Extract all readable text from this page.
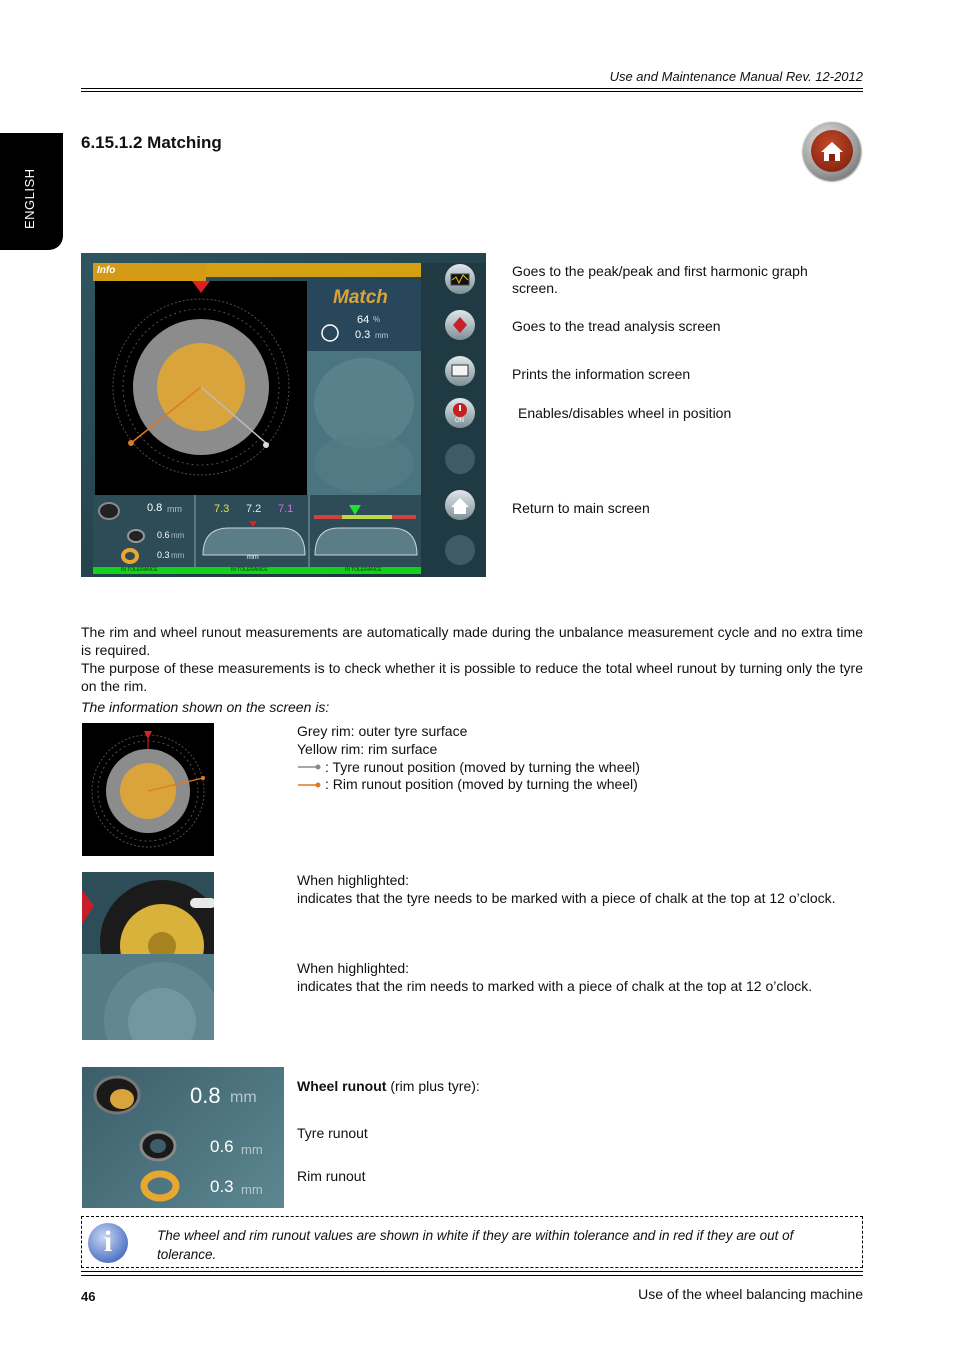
Use and Maintenance Manual Rev. 12-2012
ENGLISH
6.15.1.2 Matching
Info
Match
64 %
0.3 mm
ON
0.8 mm
0.6 mm
0.3 mm
7.3 7.2 7.1
mm
IN TOLERANCE	IN TOLERANCE	IN TOLERANCE
Goes to the peak/peak and first harmonic graph screen.
Goes to the tread analysis screen
Prints the information screen
Enables/disables wheel in position
Return to main screen
The rim and wheel runout measurements are automatically made during the unbalance measurement cycle and no extra time is required.
The purpose of these measurements is to check whether it is possible to reduce the total wheel runout by turning only the tyre on the rim.
The information shown on the screen is:
Grey rim: outer tyre surface
Yellow rim: rim surface
: Tyre runout position (moved by turning the wheel)
: Rim runout position (moved by turning the wheel)
When highlighted:
indicates that the tyre needs to be marked with a piece of chalk at the top at 12 o’clock.
When highlighted:
indicates that the rim needs to marked with a piece of chalk at the top at 12 o’clock.
0.8 mm
0.6 mm
0.3 mm
Wheel runout (rim plus tyre):
Tyre runout
Rim runout
i	The wheel and rim runout values are shown in white if they are within tolerance and in red if they are out of tolerance.
46	Use of the wheel balancing machine
